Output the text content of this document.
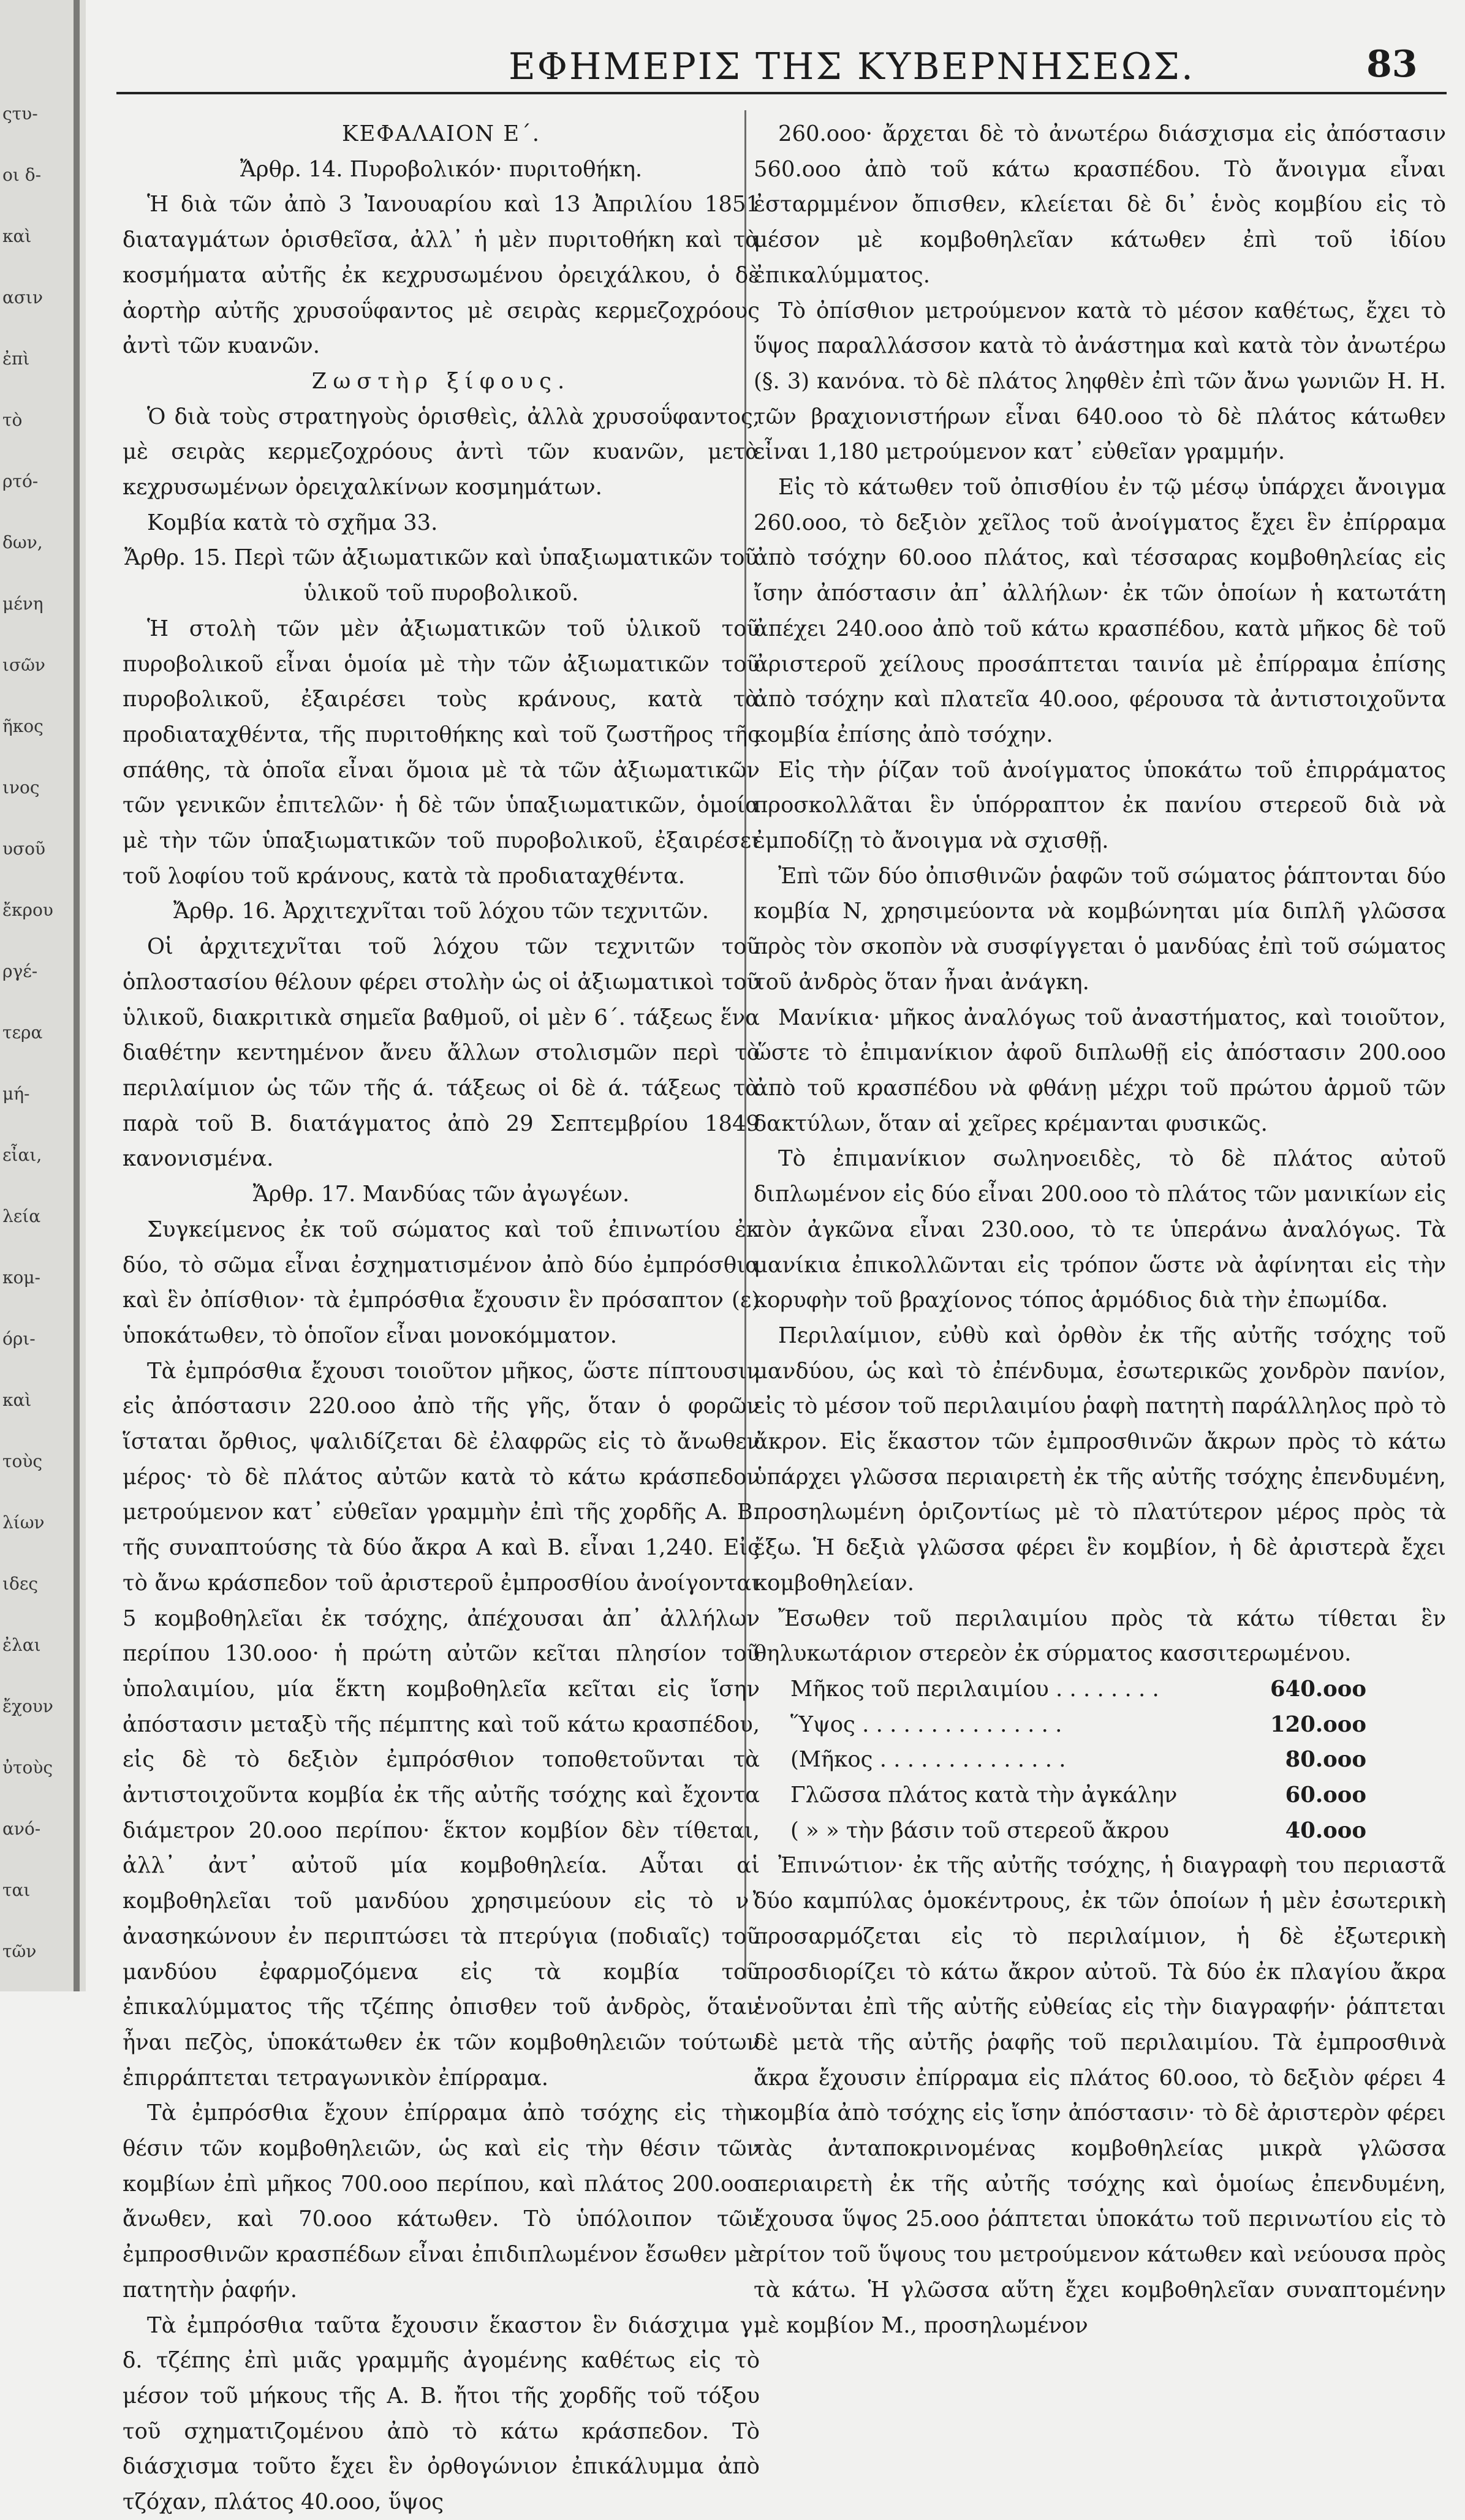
ςτυ-
οι δ-
καὶ
ασιν
ἐπὶ
τὸ
ρτό-
δων,
μένη
ισῶν
ῆκος
ινος
υσοῦ
ἔκρου
ργέ-
τερα
μή-
εἶαι,
λεία
κομ-
όρι-
καὶ
τοὺς
λίων
ιδες
ἐλαι
ἔχουν
ὐτοὺς
ανό-
ται
τῶν
ΕΦΗΜΕΡΙΣ ΤΗΣ ΚΥΒΕΡΝΗΣΕΩΣ.	83

ΚΕΦΑΛΑΙΟΝ Ε΄.

Ἄρθρ. 14. Πυροβολικόν· πυριτοθήκη.

Ἡ διὰ τῶν ἀπὸ 3 Ἰανουαρίου καὶ 13 Ἀπριλίου 1851 διαταγμάτων ὁρισθεῖσα, ἀλλ᾽ ἡ μὲν πυριτοθήκη καὶ τὰ κοσμήματα αὐτῆς ἐκ κεχρυσωμένου ὀρειχάλκου, ὁ δὲ ἀορτὴρ αὐτῆς χρυσοΰφαντος μὲ σειρὰς κερμεζοχρόους ἀντὶ τῶν κυανῶν.

Ζωστὴρ ξίφους.

Ὁ διὰ τοὺς στρατηγοὺς ὁρισθεὶς, ἀλλὰ χρυσοΰφαντος, μὲ σειρὰς κερμεζοχρόους ἀντὶ τῶν κυανῶν, μετὰ κεχρυσωμένων ὀρειχαλκίνων κοσμημάτων.

Κομβία κατὰ τὸ σχῆμα 33.

Ἄρθρ. 15. Περὶ τῶν ἀξιωματικῶν καὶ ὑπαξιωματικῶν τοῦ ὑλικοῦ τοῦ πυροβολικοῦ.

Ἡ στολὴ τῶν μὲν ἀξιωματικῶν τοῦ ὑλικοῦ τοῦ πυροβολικοῦ εἶναι ὁμοία μὲ τὴν τῶν ἀξιωματικῶν τοῦ πυροβολικοῦ, ἐξαιρέσει τοὺς κράνους, κατὰ τὰ προδιαταχθέντα, τῆς πυριτοθήκης καὶ τοῦ ζωστῆρος τῆς σπάθης, τὰ ὁποῖα εἶναι ὅμοια μὲ τὰ τῶν ἀξιωματικῶν τῶν γενικῶν ἐπιτελῶν· ἡ δὲ τῶν ὑπαξιωματικῶν, ὁμοία μὲ τὴν τῶν ὑπαξιωματικῶν τοῦ πυροβολικοῦ, ἐξαιρέσει τοῦ λοφίου τοῦ κράνους, κατὰ τὰ προδιαταχθέντα.

Ἄρθρ. 16. Ἀρχιτεχνῖται τοῦ λόχου τῶν τεχνιτῶν.

Οἱ ἀρχιτεχνῖται τοῦ λόχου τῶν τεχνιτῶν τοῦ ὁπλοστασίου θέλουν φέρει στολὴν ὡς οἱ ἀξιωματικοὶ τοῦ ὑλικοῦ, διακριτικὰ σημεῖα βαθμοῦ, οἱ μὲν 6΄. τάξεως ἕνα διαθέτην κεντημένον ἄνευ ἄλλων στολισμῶν περὶ τὸ περιλαίμιον ὡς τῶν τῆς ά. τάξεως οἱ δὲ ά. τάξεως τὰ παρὰ τοῦ Β. διατάγματος ἀπὸ 29 Σεπτεμβρίου 1849 κανονισμένα.

Ἄρθρ. 17. Μανδύας τῶν ἀγωγέων.

Συγκείμενος ἐκ τοῦ σώματος καὶ τοῦ ἐπινωτίου ἐκ δύο, τὸ σῶμα εἶναι ἐσχηματισμένον ἀπὸ δύο ἐμπρόσθια καὶ ἓν ὀπίσθιον· τὰ ἐμπρόσθια ἔχουσιν ἓν πρόσαπτον (ε) ὑποκάτωθεν, τὸ ὁποῖον εἶναι μονοκόμματον.

Τὰ ἐμπρόσθια ἔχουσι τοιοῦτον μῆκος, ὥστε πίπτουσιν εἰς ἀπόστασιν 220.ooo ἀπὸ τῆς γῆς, ὅταν ὁ φορῶν ἵσταται ὄρθιος, ψαλιδίζεται δὲ ἐλαφρῶς εἰς τὸ ἄνωθεν μέρος· τὸ δὲ πλάτος αὐτῶν κατὰ τὸ κάτω κράσπεδον μετρούμενον κατ᾽ εὐθεῖαν γραμμὴν ἐπὶ τῆς χορδῆς Α. Β. τῆς συναπτούσης τὰ δύο ἄκρα Α καὶ Β. εἶναι 1,240. Εἰς τὸ ἄνω κράσπεδον τοῦ ἀριστεροῦ ἐμπροσθίου ἀνοίγονται 5 κομβοθηλεῖαι ἐκ τσόχης, ἀπέχουσαι ἀπ᾽ ἀλλήλων περίπου 130.ooo· ἡ πρώτη αὐτῶν κεῖται πλησίον τοῦ ὑπολαιμίου, μία ἕκτη κομβοθηλεῖα κεῖται εἰς ἴσην ἀπόστασιν μεταξὺ τῆς πέμπτης καὶ τοῦ κάτω κρασπέδου, εἰς δὲ τὸ δεξιὸν ἐμπρόσθιον τοποθετοῦνται τὰ ἀντιστοιχοῦντα κομβία ἐκ τῆς αὐτῆς τσόχης καὶ ἔχοντα διάμετρον 20.ooo περίπου· ἕκτον κομβίον δὲν τίθεται, ἀλλ᾽ ἀντ᾽ αὐτοῦ μία κομβοθηλεία. Αὗται αἱ κομβοθηλεῖαι τοῦ μανδύου χρησιμεύουν εἰς τὸ ν᾽ ἀνασηκώνουν ἐν περιπτώσει τὰ πτερύγια (ποδιαῖς) τοῦ μανδύου ἐφαρμοζόμενα εἰς τὰ κομβία τοῦ ἐπικαλύμματος τῆς τζέπης ὀπισθεν τοῦ ἀνδρὸς, ὅταν ἦναι πεζὸς, ὑποκάτωθεν ἐκ τῶν κομβοθηλειῶν τούτων ἐπιρράπτεται τετραγωνικὸν ἐπίρραμα.

Τὰ ἐμπρόσθια ἔχουν ἐπίρραμα ἀπὸ τσόχης εἰς τὴν θέσιν τῶν κομβοθηλειῶν, ὡς καὶ εἰς τὴν θέσιν τῶν κομβίων ἐπὶ μῆκος 700.ooo περίπου, καὶ πλάτος 200.ooo ἄνωθεν, καὶ 70.ooo κάτωθεν. Τὸ ὑπόλοιπον τῶν ἐμπροσθινῶν κρασπέδων εἶναι ἐπιδιπλωμένον ἔσωθεν μὲ πατητὴν ῥαφήν.

Τὰ ἐμπρόσθια ταῦτα ἔχουσιν ἕκαστον ἓν διάσχιμα γ. δ. τζέπης ἐπὶ μιᾶς γραμμῆς ἀγομένης καθέτως εἰς τὸ μέσον τοῦ μήκους τῆς Α. Β. ἤτοι τῆς χορδῆς τοῦ τόξου τοῦ σχηματιζομένου ἀπὸ τὸ κάτω κράσπεδον. Τὸ διάσχισμα τοῦτο ἔχει ἓν ὀρθογώνιον ἐπικάλυμμα ἀπὸ τζόχαν, πλάτος 40.ooo, ὕψος

260.ooo· ἄρχεται δὲ τὸ ἀνωτέρω διάσχισμα εἰς ἀπόστασιν 560.ooo ἀπὸ τοῦ κάτω κρασπέδου. Τὸ ἄνοιγμα εἶναι ἐσταρμμένον ὄπισθεν, κλείεται δὲ δι᾽ ἑνὸς κομβίου εἰς τὸ μέσον μὲ κομβοθηλεῖαν κάτωθεν ἐπὶ τοῦ ἰδίου ἐπικαλύμματος.

Τὸ ὀπίσθιον μετρούμενον κατὰ τὸ μέσον καθέτως, ἔχει τὸ ὕψος παραλλάσσον κατὰ τὸ ἀνάστημα καὶ κατὰ τὸν ἀνωτέρω (§. 3) κανόνα. τὸ δὲ πλάτος ληφθὲν ἐπὶ τῶν ἄνω γωνιῶν Η. Η. τῶν βραχιονιστήρων εἶναι 640.ooo τὸ δὲ πλάτος κάτωθεν εἶναι 1,180 μετρούμενον κατ᾽ εὐθεῖαν γραμμήν.

Εἰς τὸ κάτωθεν τοῦ ὀπισθίου ἐν τῷ μέσῳ ὑπάρχει ἄνοιγμα 260.ooo, τὸ δεξιὸν χεῖλος τοῦ ἀνοίγματος ἔχει ἓν ἐπίρραμα ἀπὸ τσόχην 60.ooo πλάτος, καὶ τέσσαρας κομβοθηλείας εἰς ἴσην ἀπόστασιν ἀπ᾽ ἀλλήλων· ἐκ τῶν ὁποίων ἡ κατωτάτη ἀπέχει 240.ooo ἀπὸ τοῦ κάτω κρασπέδου, κατὰ μῆκος δὲ τοῦ ἀριστεροῦ χείλους προσάπτεται ταινία μὲ ἐπίρραμα ἐπίσης ἀπὸ τσόχην καὶ πλατεῖα 40.ooo, φέρουσα τὰ ἀντιστοιχοῦντα κομβία ἐπίσης ἀπὸ τσόχην.

Εἰς τὴν ῥίζαν τοῦ ἀνοίγματος ὑποκάτω τοῦ ἐπιρράματος προσκολλᾶται ἓν ὑπόρραπτον ἐκ πανίου στερεοῦ διὰ νὰ ἐμποδίζῃ τὸ ἄνοιγμα νὰ σχισθῇ.

Ἐπὶ τῶν δύο ὀπισθινῶν ῥαφῶν τοῦ σώματος ῥάπτονται δύο κομβία Ν, χρησιμεύοντα νὰ κομβώνηται μία διπλῆ γλῶσσα πρὸς τὸν σκοπὸν νὰ συσφίγγεται ὁ μανδύας ἐπὶ τοῦ σώματος τοῦ ἀνδρὸς ὅταν ἦναι ἀνάγκη.

Μανίκια· μῆκος ἀναλόγως τοῦ ἀναστήματος, καὶ τοιοῦτον, ὥστε τὸ ἐπιμανίκιον ἀφοῦ διπλωθῇ εἰς ἀπόστασιν 200.ooo ἀπὸ τοῦ κρασπέδου νὰ φθάνῃ μέχρι τοῦ πρώτου ἁρμοῦ τῶν δακτύλων, ὅταν αἱ χεῖρες κρέμανται φυσικῶς.

Τὸ ἐπιμανίκιον σωληνοειδὲς, τὸ δὲ πλάτος αὐτοῦ διπλωμένον εἰς δύο εἶναι 200.ooo τὸ πλάτος τῶν μανικίων εἰς τὸν ἀγκῶνα εἶναι 230.ooo, τὸ τε ὑπεράνω ἀναλόγως. Τὰ μανίκια ἐπικολλῶνται εἰς τρόπον ὥστε νὰ ἀφίνηται εἰς τὴν κορυφὴν τοῦ βραχίονος τόπος ἁρμόδιος διὰ τὴν ἐπωμίδα.

Περιλαίμιον, εὐθὺ καὶ ὀρθὸν ἐκ τῆς αὐτῆς τσόχης τοῦ μανδύου, ὡς καὶ τὸ ἐπένδυμα, ἐσωτερικῶς χονδρὸν πανίον, εἰς τὸ μέσον τοῦ περιλαιμίου ῥαφὴ πατητὴ παράλληλος πρὸ τὸ ἄκρον. Εἰς ἕκαστον τῶν ἐμπροσθινῶν ἄκρων πρὸς τὸ κάτω ὑπάρχει γλῶσσα περιαιρετὴ ἐκ τῆς αὐτῆς τσόχης ἐπενδυμένη, προσηλωμένη ὁριζοντίως μὲ τὸ πλατύτερον μέρος πρὸς τὰ ἔξω. Ἡ δεξιὰ γλῶσσα φέρει ἓν κομβίον, ἡ δὲ ἀριστερὰ ἔχει κομβοθηλείαν.

Ἔσωθεν τοῦ περιλαιμίου πρὸς τὰ κάτω τίθεται ἓν θηλυκωτάριον στερεὸν ἐκ σύρματος κασσιτερωμένου.

Μῆκος τοῦ περιλαιμίου . . . . . . . .	640.ooo
Ὕψος . . . . . . . . . . . . . . .	120.ooo
(Μῆκος . . . . . . . . . . . . . .	80.ooo
Γλῶσσα πλάτος κατὰ τὴν ἀγκάλην	60.ooo
( » » τὴν βάσιν τοῦ στερεοῦ ἄκρου	40.ooo

Ἐπινώτιον· ἐκ τῆς αὐτῆς τσόχης, ἡ διαγραφὴ του περιαστᾶ δύο καμπύλας ὁμοκέντρους, ἐκ τῶν ὁποίων ἡ μὲν ἐσωτερικὴ προσαρμόζεται εἰς τὸ περιλαίμιον, ἡ δὲ ἐξωτερικὴ προσδιορίζει τὸ κάτω ἄκρον αὐτοῦ. Τὰ δύο ἐκ πλαγίου ἄκρα ἑνοῦνται ἐπὶ τῆς αὐτῆς εὐθείας εἰς τὴν διαγραφήν· ῥάπτεται δὲ μετὰ τῆς αὐτῆς ῥαφῆς τοῦ περιλαιμίου. Τὰ ἐμπροσθινὰ ἄκρα ἔχουσιν ἐπίρραμα εἰς πλάτος 60.ooo, τὸ δεξιὸν φέρει 4 κομβία ἀπὸ τσόχης εἰς ἴσην ἀπόστασιν· τὸ δὲ ἀριστερὸν φέρει τὰς ἀνταποκρινομένας κομβοθηλείας μικρὰ γλῶσσα περιαιρετὴ ἐκ τῆς αὐτῆς τσόχης καὶ ὁμοίως ἐπενδυμένη, ἔχουσα ὕψος 25.ooo ῥάπτεται ὑποκάτω τοῦ περινωτίου εἰς τὸ τρίτον τοῦ ὕψους του μετρούμενον κάτωθεν καὶ νεύουσα πρὸς τὰ κάτω. Ἡ γλῶσσα αὕτη ἔχει κομβοθηλεῖαν συναπτομένην μὲ κομβίον Μ., προσηλωμένον
